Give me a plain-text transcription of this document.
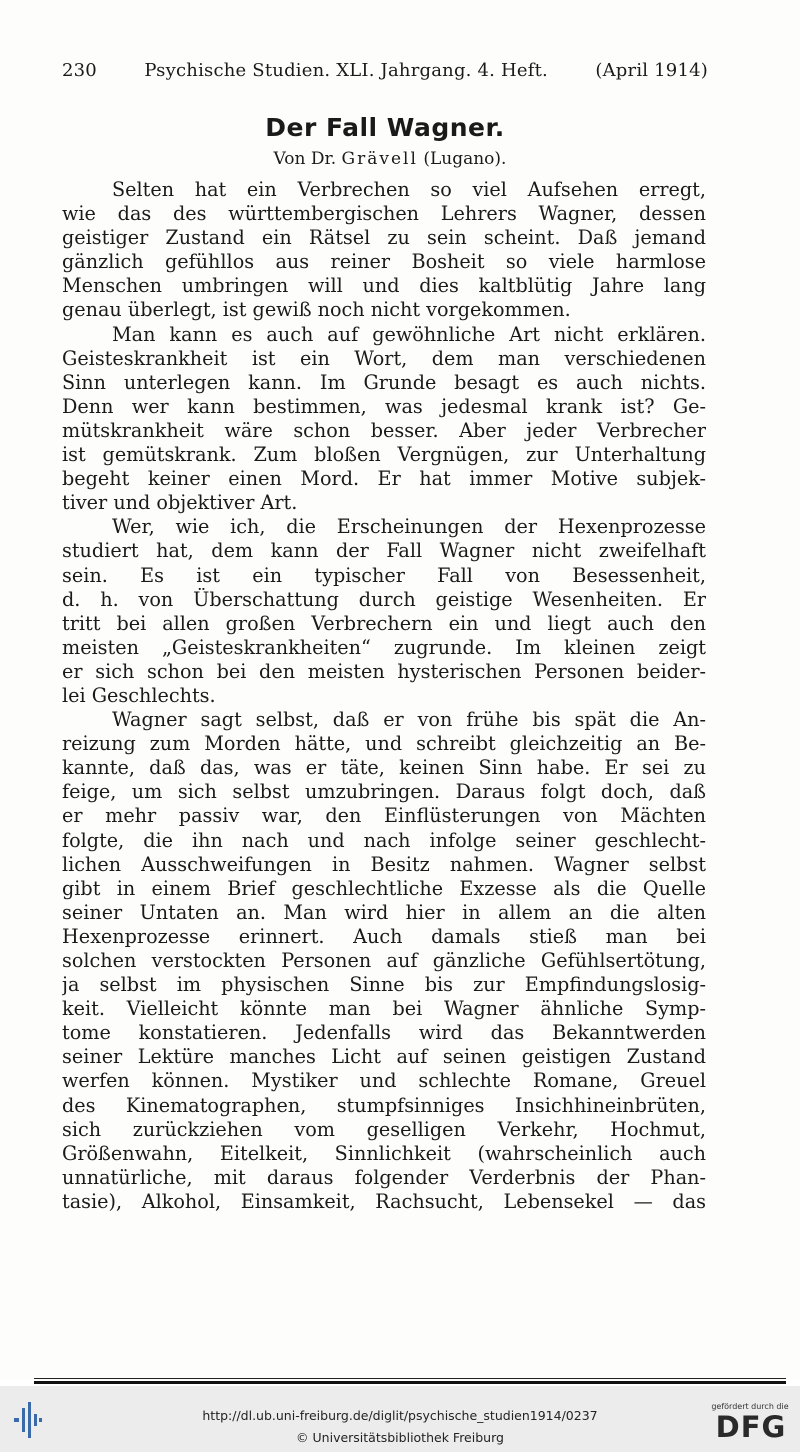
230	Psychische Studien. XLI. Jahrgang. 4. Heft.	(April 1914)
Der Fall Wagner.
Von Dr. Grävell (Lugano).
Selten hat ein Verbrechen so viel Aufsehen erregt,
wie das des württembergischen Lehrers Wagner, dessen
geistiger Zustand ein Rätsel zu sein scheint. Daß jemand
gänzlich gefühllos aus reiner Bosheit so viele harmlose
Menschen umbringen will und dies kaltblütig Jahre lang
genau überlegt, ist gewiß noch nicht vorgekommen.
Man kann es auch auf gewöhnliche Art nicht erklären.
Geisteskrankheit ist ein Wort, dem man verschiedenen
Sinn unterlegen kann. Im Grunde besagt es auch nichts.
Denn wer kann bestimmen, was jedesmal krank ist? Ge-
mütskrankheit wäre schon besser. Aber jeder Verbrecher
ist gemütskrank. Zum bloßen Vergnügen, zur Unterhaltung
begeht keiner einen Mord. Er hat immer Motive subjek-
tiver und objektiver Art.
Wer, wie ich, die Erscheinungen der Hexenprozesse
studiert hat, dem kann der Fall Wagner nicht zweifelhaft
sein. Es ist ein typischer Fall von Besessenheit,
d. h. von Überschattung durch geistige Wesenheiten. Er
tritt bei allen großen Verbrechern ein und liegt auch den
meisten „Geisteskrankheiten“ zugrunde. Im kleinen zeigt
er sich schon bei den meisten hysterischen Personen beider-
lei Geschlechts.
Wagner sagt selbst, daß er von frühe bis spät die An-
reizung zum Morden hätte, und schreibt gleichzeitig an Be-
kannte, daß das, was er täte, keinen Sinn habe. Er sei zu
feige, um sich selbst umzubringen. Daraus folgt doch, daß
er mehr passiv war, den Einflüsterungen von Mächten
folgte, die ihn nach und nach infolge seiner geschlecht-
lichen Ausschweifungen in Besitz nahmen. Wagner selbst
gibt in einem Brief geschlechtliche Exzesse als die Quelle
seiner Untaten an. Man wird hier in allem an die alten
Hexenprozesse erinnert. Auch damals stieß man bei
solchen verstockten Personen auf gänzliche Gefühlsertötung,
ja selbst im physischen Sinne bis zur Empfindungslosig-
keit. Vielleicht könnte man bei Wagner ähnliche Symp-
tome konstatieren. Jedenfalls wird das Bekanntwerden
seiner Lektüre manches Licht auf seinen geistigen Zustand
werfen können. Mystiker und schlechte Romane, Greuel
des Kinematographen, stumpfsinniges Insichhineinbrüten,
sich zurückziehen vom geselligen Verkehr, Hochmut,
Größenwahn, Eitelkeit, Sinnlichkeit (wahrscheinlich auch
unnatürliche, mit daraus folgender Verderbnis der Phan-
tasie), Alkohol, Einsamkeit, Rachsucht, Lebensekel — das
http://dl.ub.uni-freiburg.de/diglit/psychische_studien1914/0237
© Universitätsbibliothek Freiburg
gefördert durch die
DFG
